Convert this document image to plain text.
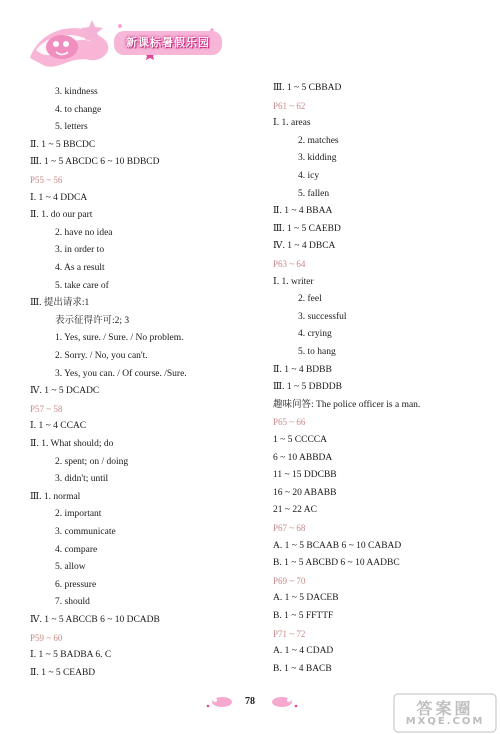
新课标暑假乐园
3. kindness
4. to change
5. letters
Ⅱ. 1 ~ 5 BBCDC
Ⅲ. 1 ~ 5 ABCDC 6 ~ 10 BDBCD
P55 ~ 56
Ⅰ. 1 ~ 4 DDCA
Ⅱ. 1. do our part
2. have no idea
3. in order to
4. As a result
5. take care of
Ⅲ. 提出请求:1
表示征得许可:2; 3
1. Yes, sure. / Sure. / No problem.
2. Sorry. / No, you can't.
3. Yes, you can. / Of course. /Sure.
Ⅳ. 1 ~ 5 DCADC
P57 ~ 58
Ⅰ. 1 ~ 4 CCAC
Ⅱ. 1. What should; do
2. spent; on / doing
3. didn't; until
Ⅲ. 1. normal
2. important
3. communicate
4. compare
5. allow
6. pressure
7. should
Ⅳ. 1 ~ 5 ABCCB 6 ~ 10 DCADB
P59 ~ 60
Ⅰ. 1 ~ 5 BADBA 6. C
Ⅱ. 1 ~ 5 CEABD
Ⅲ. 1 ~ 5 CBBAD
P61 ~ 62
Ⅰ. 1. areas
2. matches
3. kidding
4. icy
5. fallen
Ⅱ. 1 ~ 4 BBAA
Ⅲ. 1 ~ 5 CAEBD
Ⅳ. 1 ~ 4 DBCA
P63 ~ 64
Ⅰ. 1. writer
2. feel
3. successful
4. crying
5. to hang
Ⅱ. 1 ~ 4 BDBB
Ⅲ. 1 ~ 5 DBDDB
趣味问答: The police officer is a man.
P65 ~ 66
1 ~ 5 CCCCA
6 ~ 10 ABBDA
11 ~ 15 DDCBB
16 ~ 20 ABABB
21 ~ 22 AC
P67 ~ 68
A. 1 ~ 5 BCAAB 6 ~ 10 CABAD
B. 1 ~ 5 ABCBD 6 ~ 10 AADBC
P69 ~ 70
A. 1 ~ 5 DACEB
B. 1 ~ 5 FFTTF
P71 ~ 72
A. 1 ~ 4 CDAD
B. 1 ~ 4 BACB
78	答案圈
MXQE.COM
